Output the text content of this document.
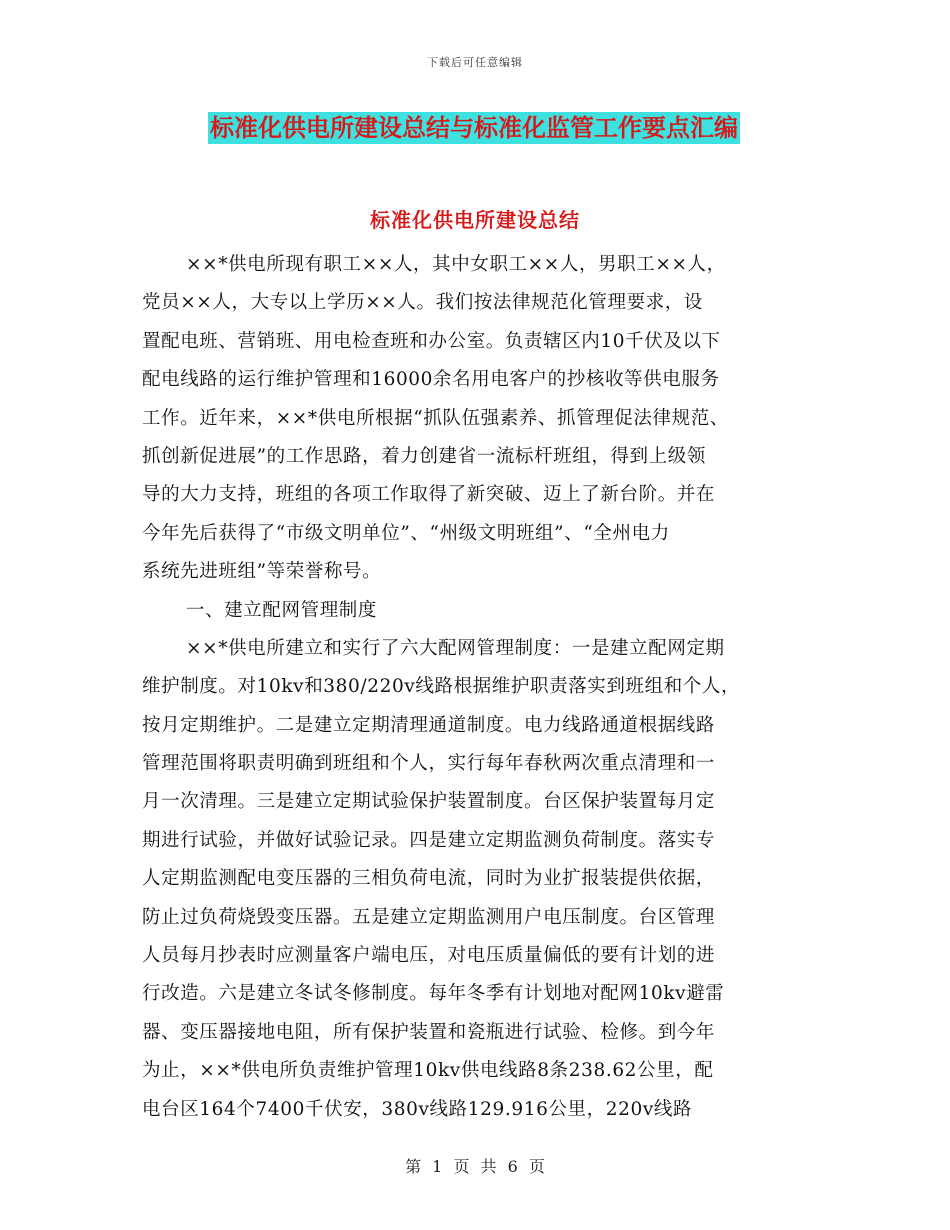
下载后可任意编辑
标准化供电所建设总结与标准化监管工作要点汇编
标准化供电所建设总结
××*供电所现有职工××人，其中女职工××人，男职工××人，
党员××人，大专以上学历××人。我们按法律规范化管理要求，设
置配电班、营销班、用电检查班和办公室。负责辖区内10千伏及以下
配电线路的运行维护管理和16000余名用电客户的抄核收等供电服务
工作。近年来，××*供电所根据“抓队伍强素养、抓管理促法律规范、
抓创新促进展”的工作思路，着力创建省一流标杆班组，得到上级领
导的大力支持，班组的各项工作取得了新突破、迈上了新台阶。并在
今年先后获得了“市级文明单位”、“州级文明班组”、“全州电力
系统先进班组”等荣誉称号。
一、建立配网管理制度
××*供电所建立和实行了六大配网管理制度：一是建立配网定期
维护制度。对10kv和380/220v线路根据维护职责落实到班组和个人，
按月定期维护。二是建立定期清理通道制度。电力线路通道根据线路
管理范围将职责明确到班组和个人，实行每年春秋两次重点清理和一
月一次清理。三是建立定期试验保护装置制度。台区保护装置每月定
期进行试验，并做好试验记录。四是建立定期监测负荷制度。落实专
人定期监测配电变压器的三相负荷电流，同时为业扩报装提供依据，
防止过负荷烧毁变压器。五是建立定期监测用户电压制度。台区管理
人员每月抄表时应测量客户端电压，对电压质量偏低的要有计划的进
行改造。六是建立冬试冬修制度。每年冬季有计划地对配网10kv避雷
器、变压器接地电阻，所有保护装置和瓷瓶进行试验、检修。到今年
为止，××*供电所负责维护管理10kv供电线路8条238.62公里，配
电台区164个7400千伏安，380v线路129.916公里，220v线路
第 1 页 共 6 页
